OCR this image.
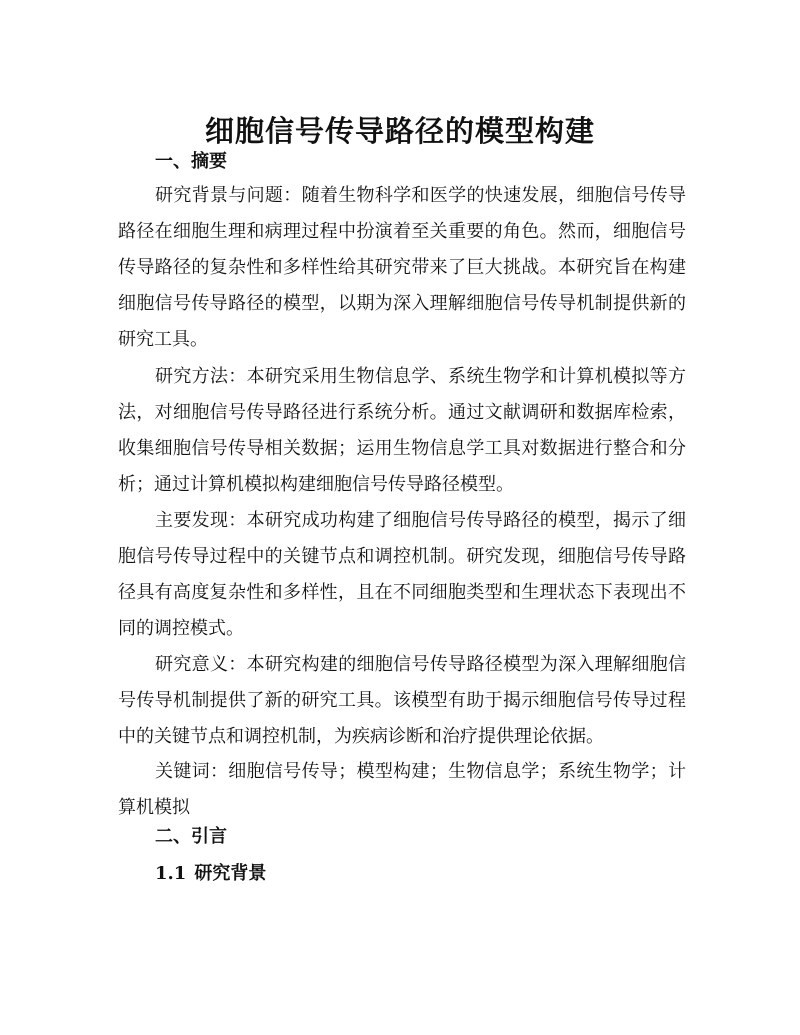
细胞信号传导路径的模型构建
一、摘要

研究背景与问题：随着生物科学和医学的快速发展，细胞信号传导路径在细胞生理和病理过程中扮演着至关重要的角色。然而，细胞信号传导路径的复杂性和多样性给其研究带来了巨大挑战。本研究旨在构建细胞信号传导路径的模型，以期为深入理解细胞信号传导机制提供新的研究工具。

研究方法：本研究采用生物信息学、系统生物学和计算机模拟等方法，对细胞信号传导路径进行系统分析。通过文献调研和数据库检索，收集细胞信号传导相关数据；运用生物信息学工具对数据进行整合和分析；通过计算机模拟构建细胞信号传导路径模型。

主要发现：本研究成功构建了细胞信号传导路径的模型，揭示了细胞信号传导过程中的关键节点和调控机制。研究发现，细胞信号传导路径具有高度复杂性和多样性，且在不同细胞类型和生理状态下表现出不同的调控模式。

研究意义：本研究构建的细胞信号传导路径模型为深入理解细胞信号传导机制提供了新的研究工具。该模型有助于揭示细胞信号传导过程中的关键节点和调控机制，为疾病诊断和治疗提供理论依据。

关键词：细胞信号传导；模型构建；生物信息学；系统生物学；计算机模拟

二、引言
1.1 研究背景
